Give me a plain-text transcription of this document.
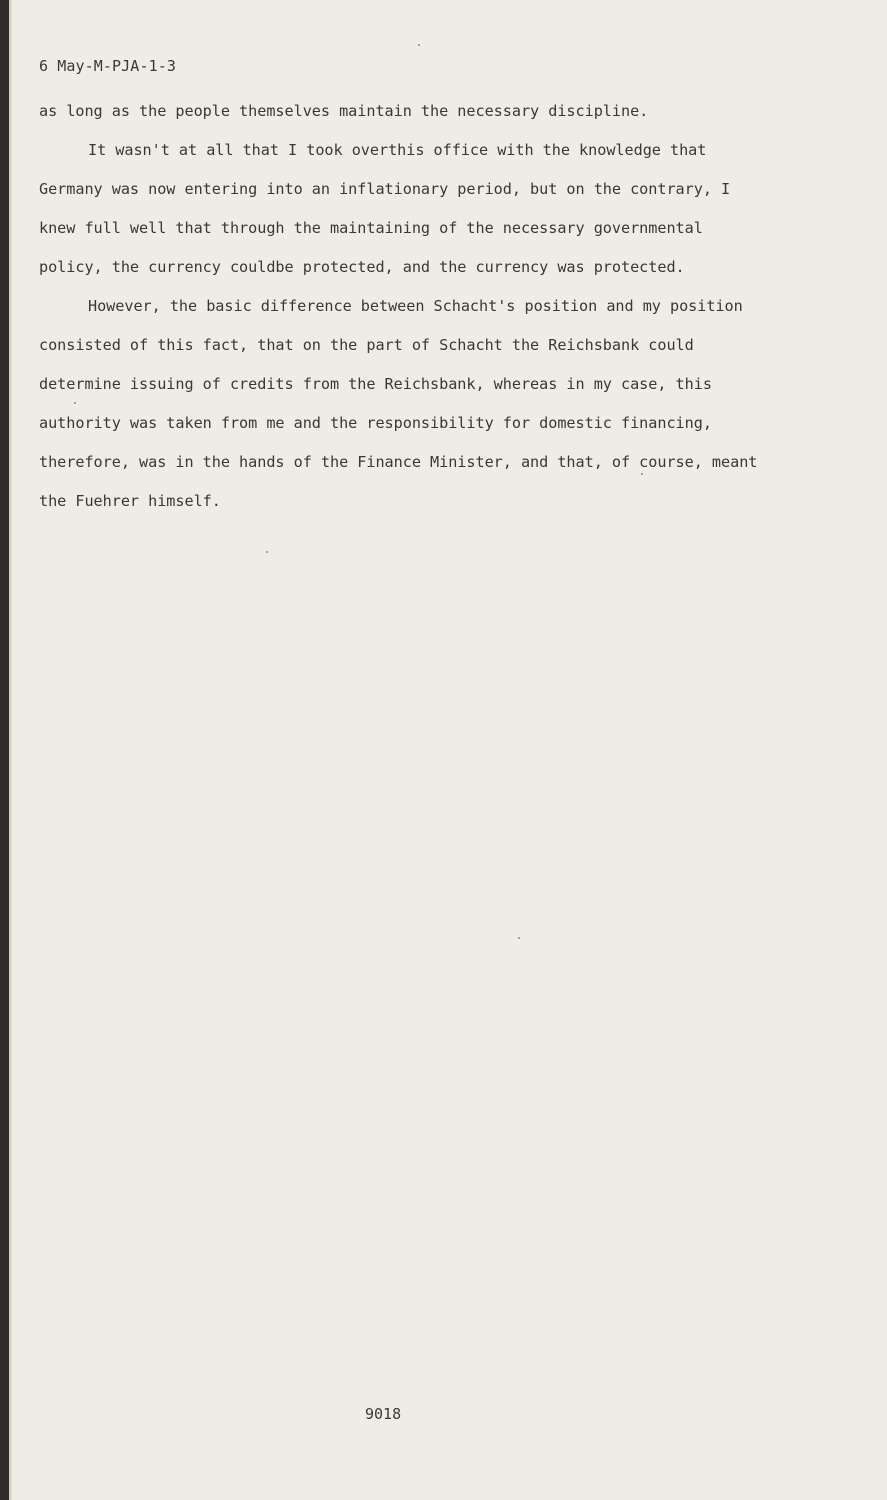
6 May-M-PJA-1-3

as long as the people themselves maintain the necessary discipline.

It wasn't at all that I took overthis office with the knowledge that
Germany was now entering into an inflationary period, but on the contrary, I
knew full well that through the maintaining of the necessary governmental
policy, the currency couldbe protected, and the currency was protected.

However, the basic difference between Schacht's position and my position
consisted of this fact, that on the part of Schacht the Reichsbank could
determine issuing of credits from the Reichsbank, whereas in my case, this
authority was taken from me and the responsibility for domestic financing,
therefore, was in the hands of the Finance Minister, and that, of course, meant
the Fuehrer himself.

9018
